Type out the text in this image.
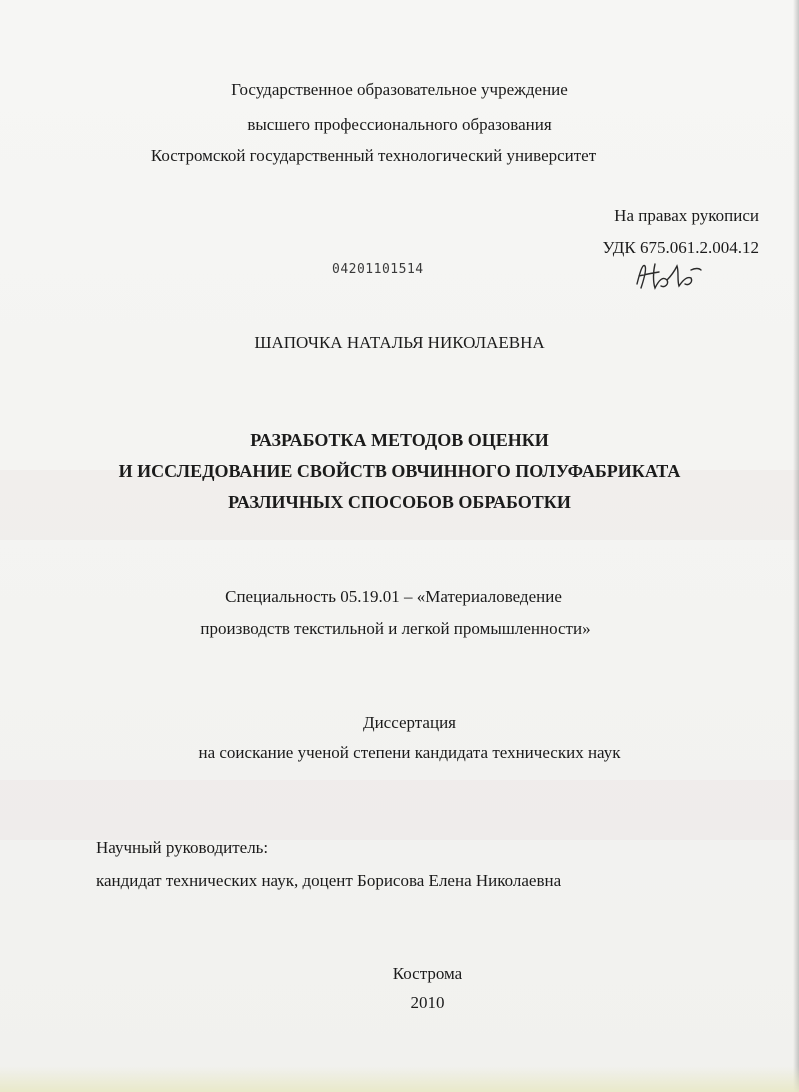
Государственное образовательное учреждение
высшего профессионального образования
Костромской государственный технологический университет
На правах рукописи
УДК 675.061.2.004.12
04201101514
ШАПОЧКА НАТАЛЬЯ НИКОЛАЕВНА
РАЗРАБОТКА МЕТОДОВ ОЦЕНКИ
И ИССЛЕДОВАНИЕ СВОЙСТВ ОВЧИННОГО ПОЛУФАБРИКАТА
РАЗЛИЧНЫХ СПОСОБОВ ОБРАБОТКИ
Специальность 05.19.01 – «Материаловедение
производств текстильной и легкой промышленности»
Диссертация
на соискание ученой степени кандидата технических наук
Научный руководитель:
кандидат технических наук, доцент Борисова Елена Николаевна
Кострома
2010
